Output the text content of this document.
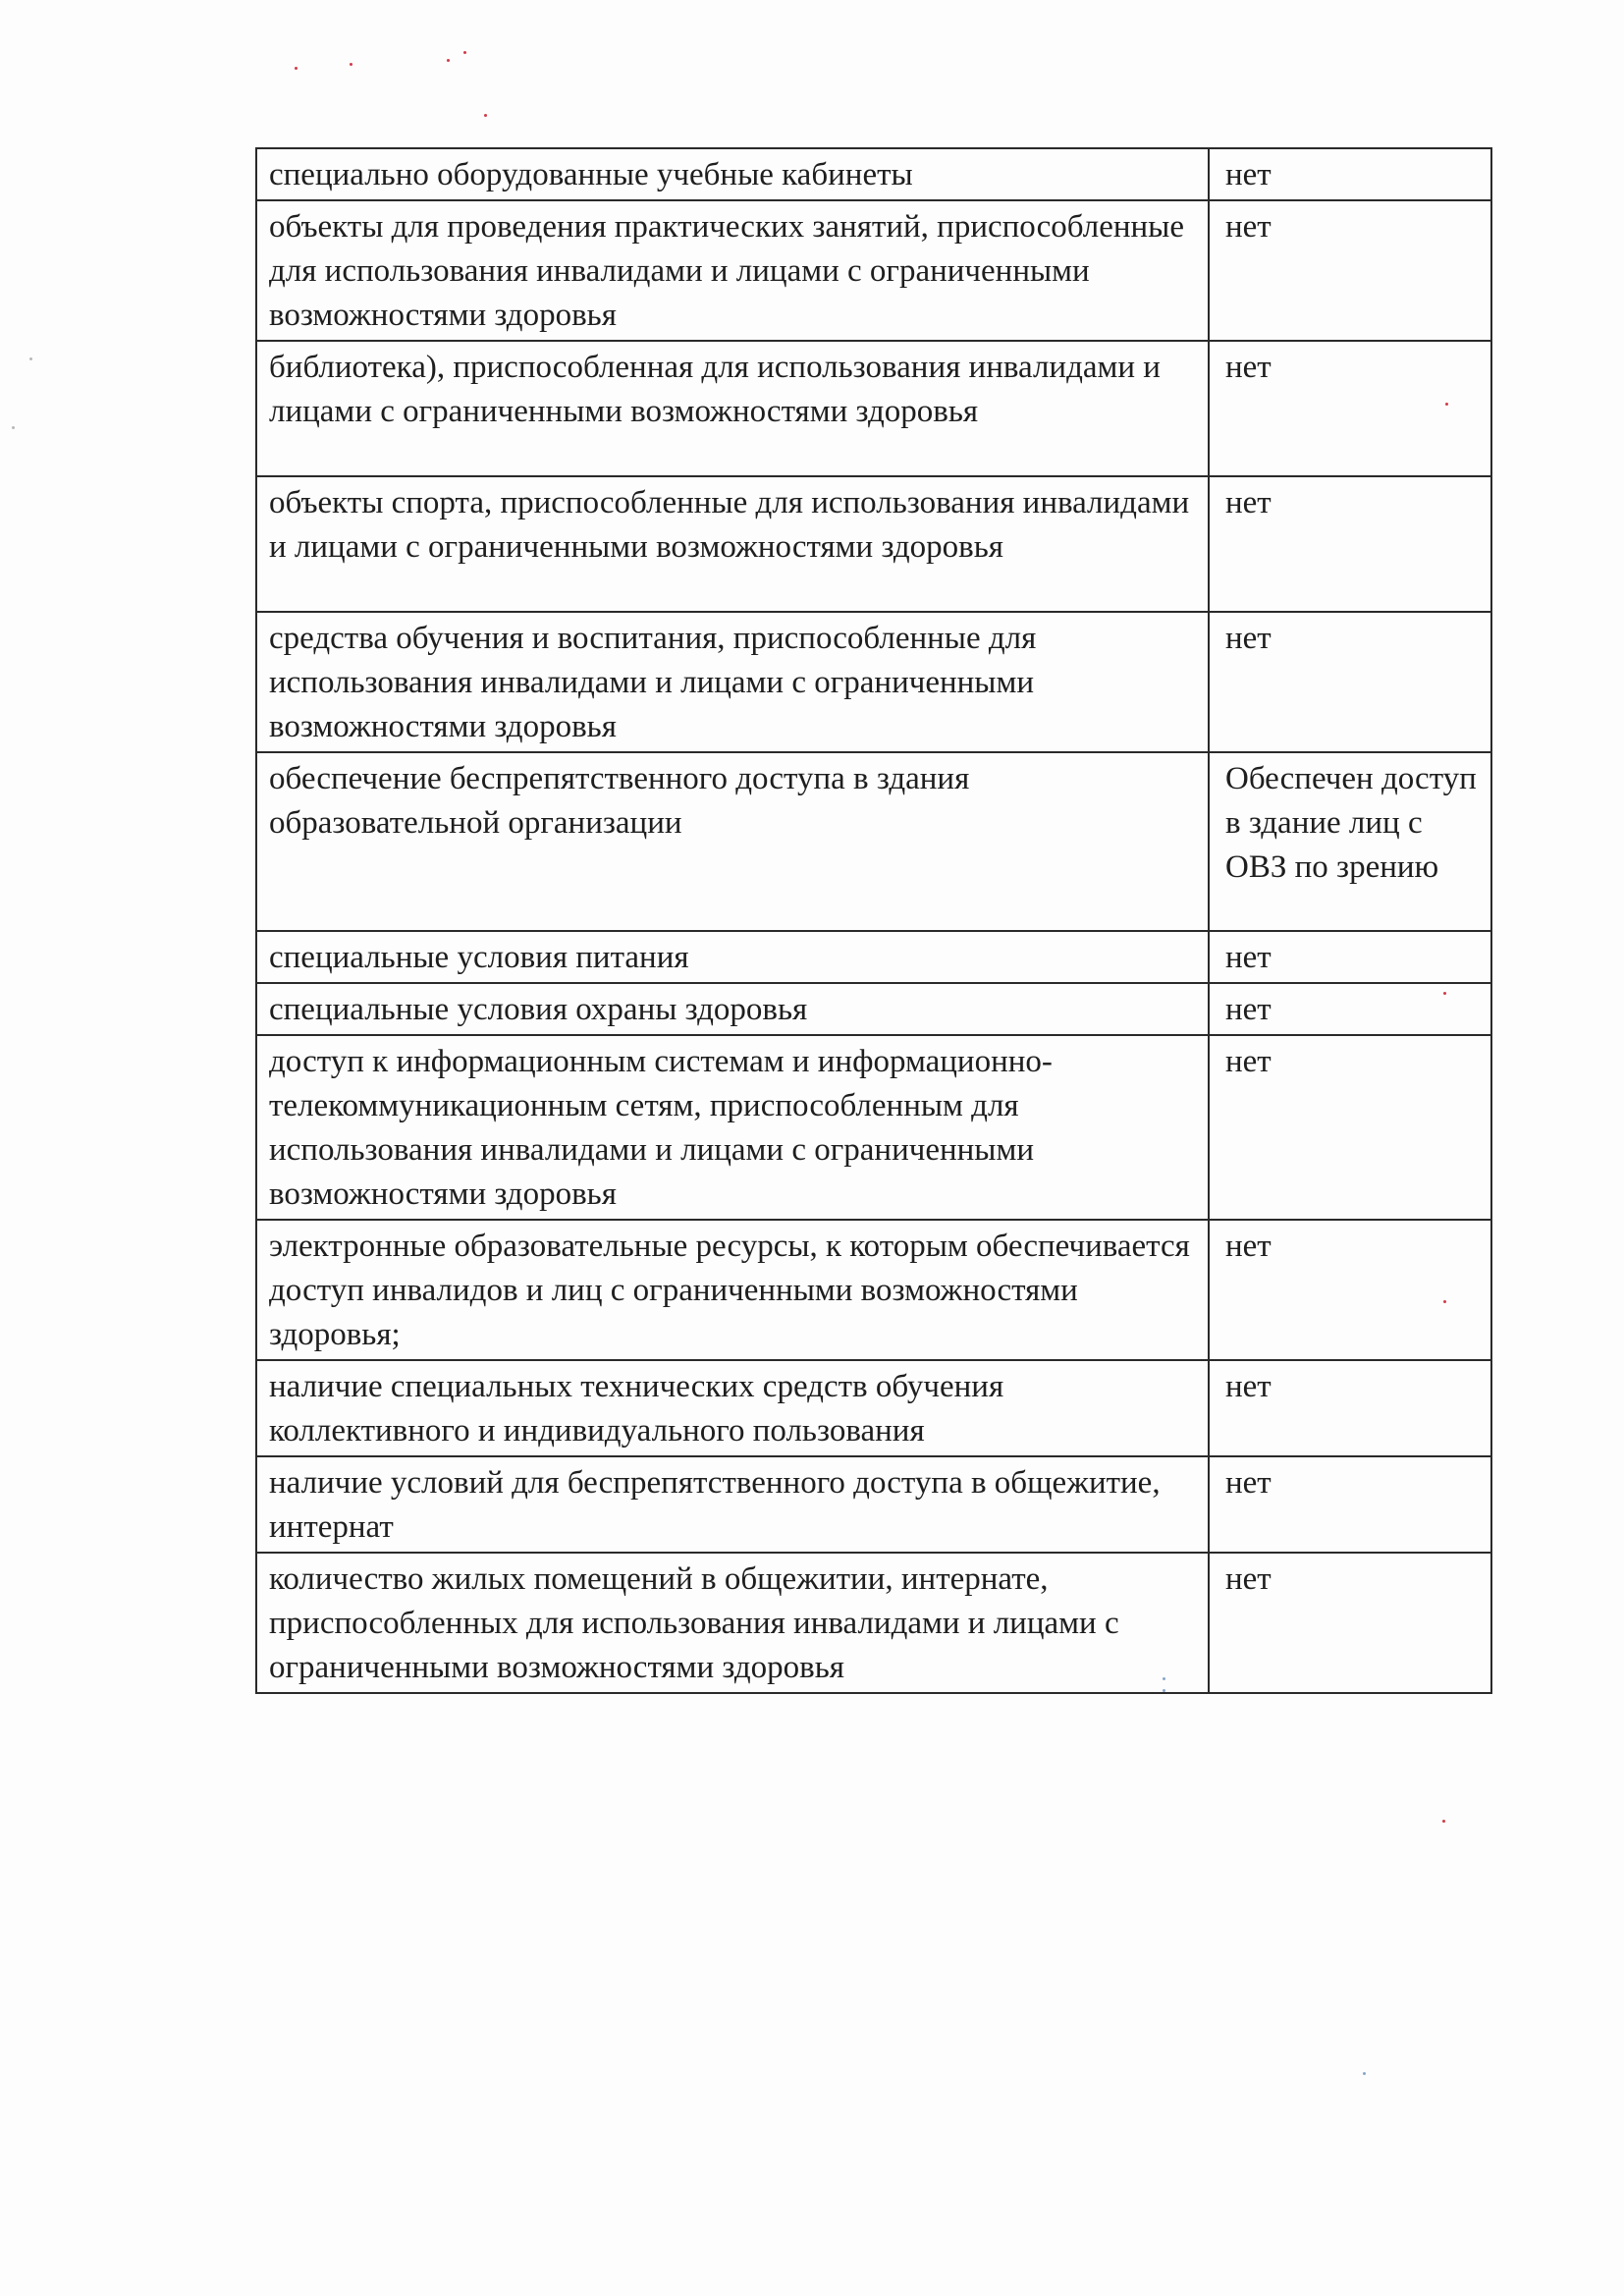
специально оборудованные учебные кабинеты	нет
объекты для проведения практических занятий, приспособленные для использования инвалидами и лицами с ограниченными возможностями здоровья	нет
библиотека), приспособленная для использования инвалидами и лицами с ограниченными возможностями здоровья	нет
объекты спорта, приспособленные для использования инвалидами и лицами с ограниченными возможностями здоровья	нет
средства обучения и воспитания, приспособленные для использования инвалидами и лицами с ограниченными возможностями здоровья	нет
обеспечение беспрепятственного доступа в здания образовательной организации	Обеспечен доступ в здание лиц с ОВЗ по зрению
специальные условия питания	нет
специальные условия охраны здоровья	нет
доступ к информационным системам и информационно-телекоммуникационным сетям, приспособленным для использования инвалидами и лицами с ограниченными возможностями здоровья	нет
электронные образовательные ресурсы, к которым обеспечивается доступ инвалидов и лиц с ограниченными возможностями здоровья;	нет
наличие специальных технических средств обучения коллективного и индивидуального пользования	нет
наличие условий для беспрепятственного доступа в общежитие, интернат	нет
количество жилых помещений в общежитии, интернате, приспособленных для использования инвалидами и лицами с ограниченными возможностями здоровья	нет
